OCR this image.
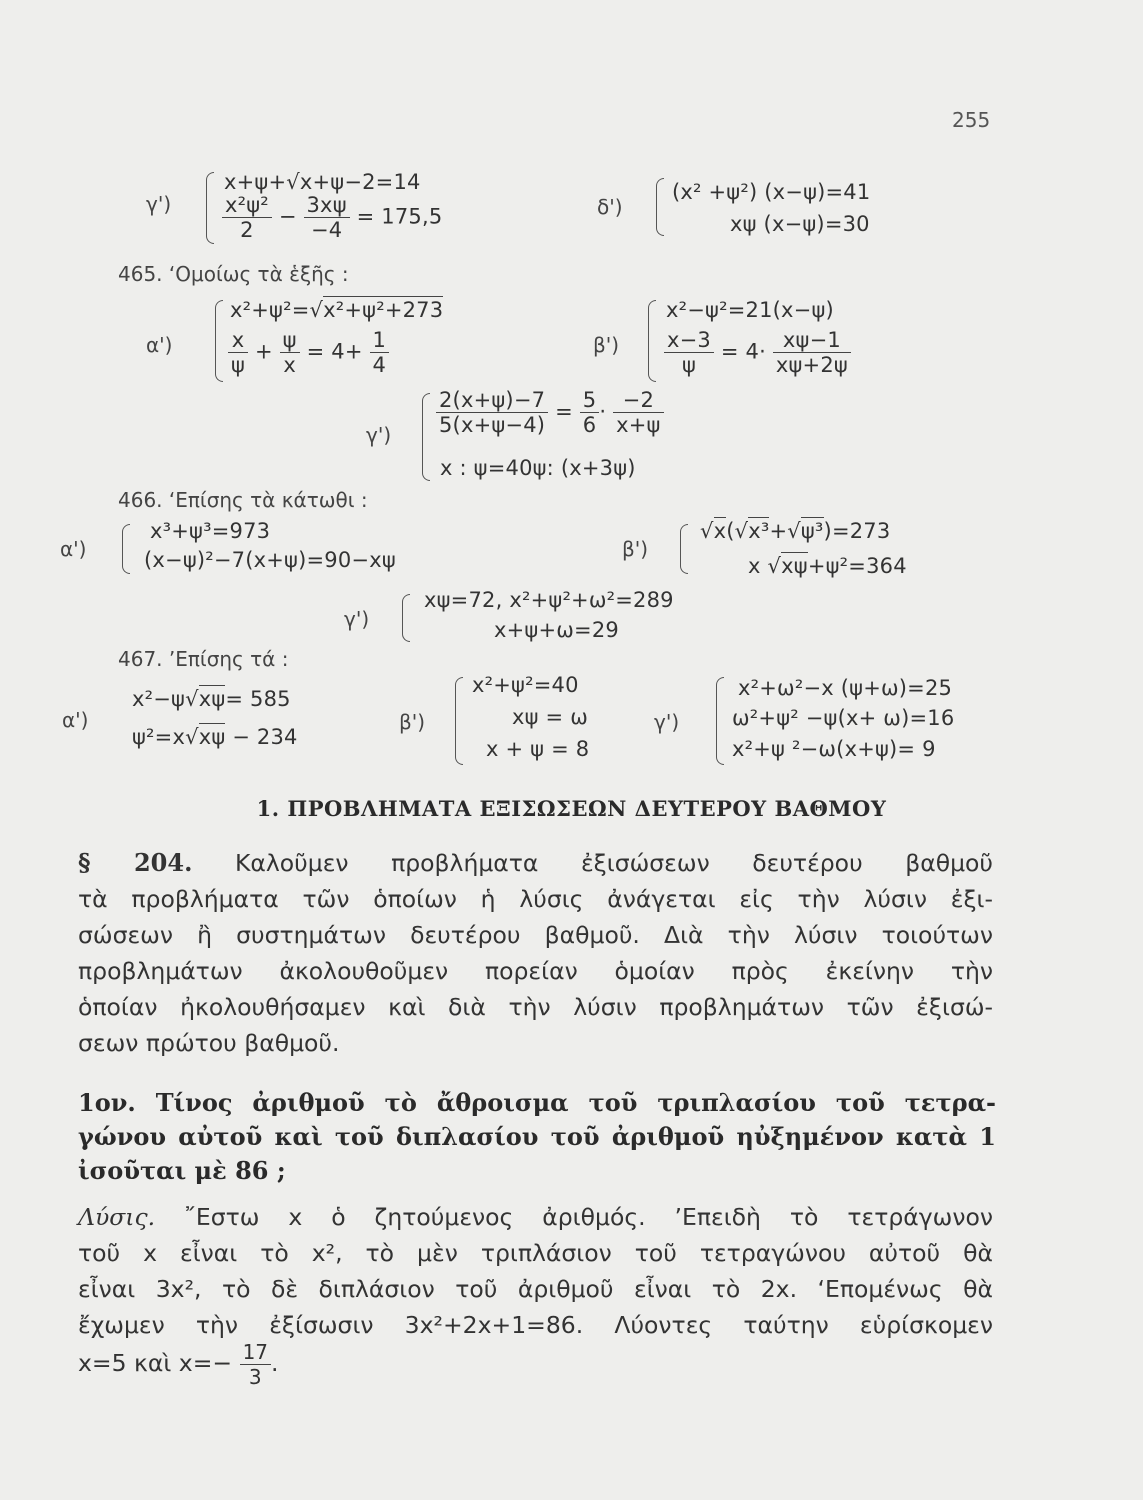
255
γ')
x+ψ+√x+ψ−2=14
$\frac{\text{x²ψ²}}{2} - \frac{3x\psi}{-4} = 175,5$	δ')
(x² +ψ²) (x−ψ)=41
xψ (x−ψ)=30
465. ‘Ομοίως τὰ ἑξῆς :
α')
x²+ψ²= √ x²+ψ²+273
$\frac{x}{\psi} + \frac{\psi}{x} = 4+ \frac{1}{4}$	β')
x²−ψ²=21(x−ψ)
$\frac{x-3}{\psi} = 4\cdot \frac{x\psi-1}{x\psi+2\psi}$
$\gamma') \frac{2(x+\psi)-7}{5(x+\psi-4)} = \frac{5}{6} \cdot \frac{-2}{x+\psi}$
x : ψ=40ψ: (x+3ψ)
466. ‘Επίσης τὰ κάτωθι :
α')
x³+ψ³=973
(x−ψ)²−7(x+ψ)=90−xψ	β')
√ x( √ x³+ √ ψ³)=273
x √ xψ+ψ²=364
γ')
xψ=72, x²+ψ²+ω²=289
x+ψ+ω=29
467. ’Επίσης τά :
α')
x²−ψ √ xψ= 585
ψ²=x √ xψ − 234
β')
x²+ψ²=40
xψ = ω
x + ψ = 8
γ')
x²+ω²−x (ψ+ω)=25
ω²+ψ² −ψ(x+ ω)=16
x²+ψ ²−ω(x+ψ)= 9
1. ΠΡΟΒΛΗΜΑΤΑ ΕΞΙΣΩΣΕΩΝ ΔΕΥΤΕΡΟΥ ΒΑΘΜΟΥ
§ 204. Καλοῦμεν προβλήματα ἐξισώσεων δευτέρου βαθμοῦ
τὰ προβλήματα τῶν ὁποίων ἡ λύσις ἀνάγεται εἰς τὴν λύσιν ἐξι-
σώσεων ἢ συστημάτων δευτέρου βαθμοῦ. Διὰ τὴν λύσιν τοιούτων
προβλημάτων ἀκολουθοῦμεν πορείαν ὁμοίαν πρὸς ἐκείνην τὴν
ὁποίαν ἠκολουθήσαμεν καὶ διὰ τὴν λύσιν προβλημάτων τῶν ἐξισώ-
σεων πρώτου βαθμοῦ.
1ον. Τίνος ἀριθμοῦ τὸ ἄθροισμα τοῦ τριπλασίου τοῦ τετρα-
γώνου αὐτοῦ καὶ τοῦ διπλασίου τοῦ ἀριθμοῦ ηὐξημένον κατὰ 1
ἰσοῦται μὲ 86 ;
Λύσις. ῎Εστω x ὁ ζητούμενος ἀριθμός. ’Επειδὴ τὸ τετράγωνον
τοῦ x εἶναι τὸ x², τὸ μὲν τριπλάσιον τοῦ τετραγώνου αὐτοῦ θὰ
εἶναι 3x², τὸ δὲ διπλάσιον τοῦ ἀριθμοῦ εἶναι τὸ 2x. ‘Επομένως θὰ
ἔχωμεν τὴν ἐξίσωσιν 3x²+2x+1=86. Λύοντες ταύτην εὑρίσκομεν
x=5 καὶ $x=- \frac{17}{3}$ .
